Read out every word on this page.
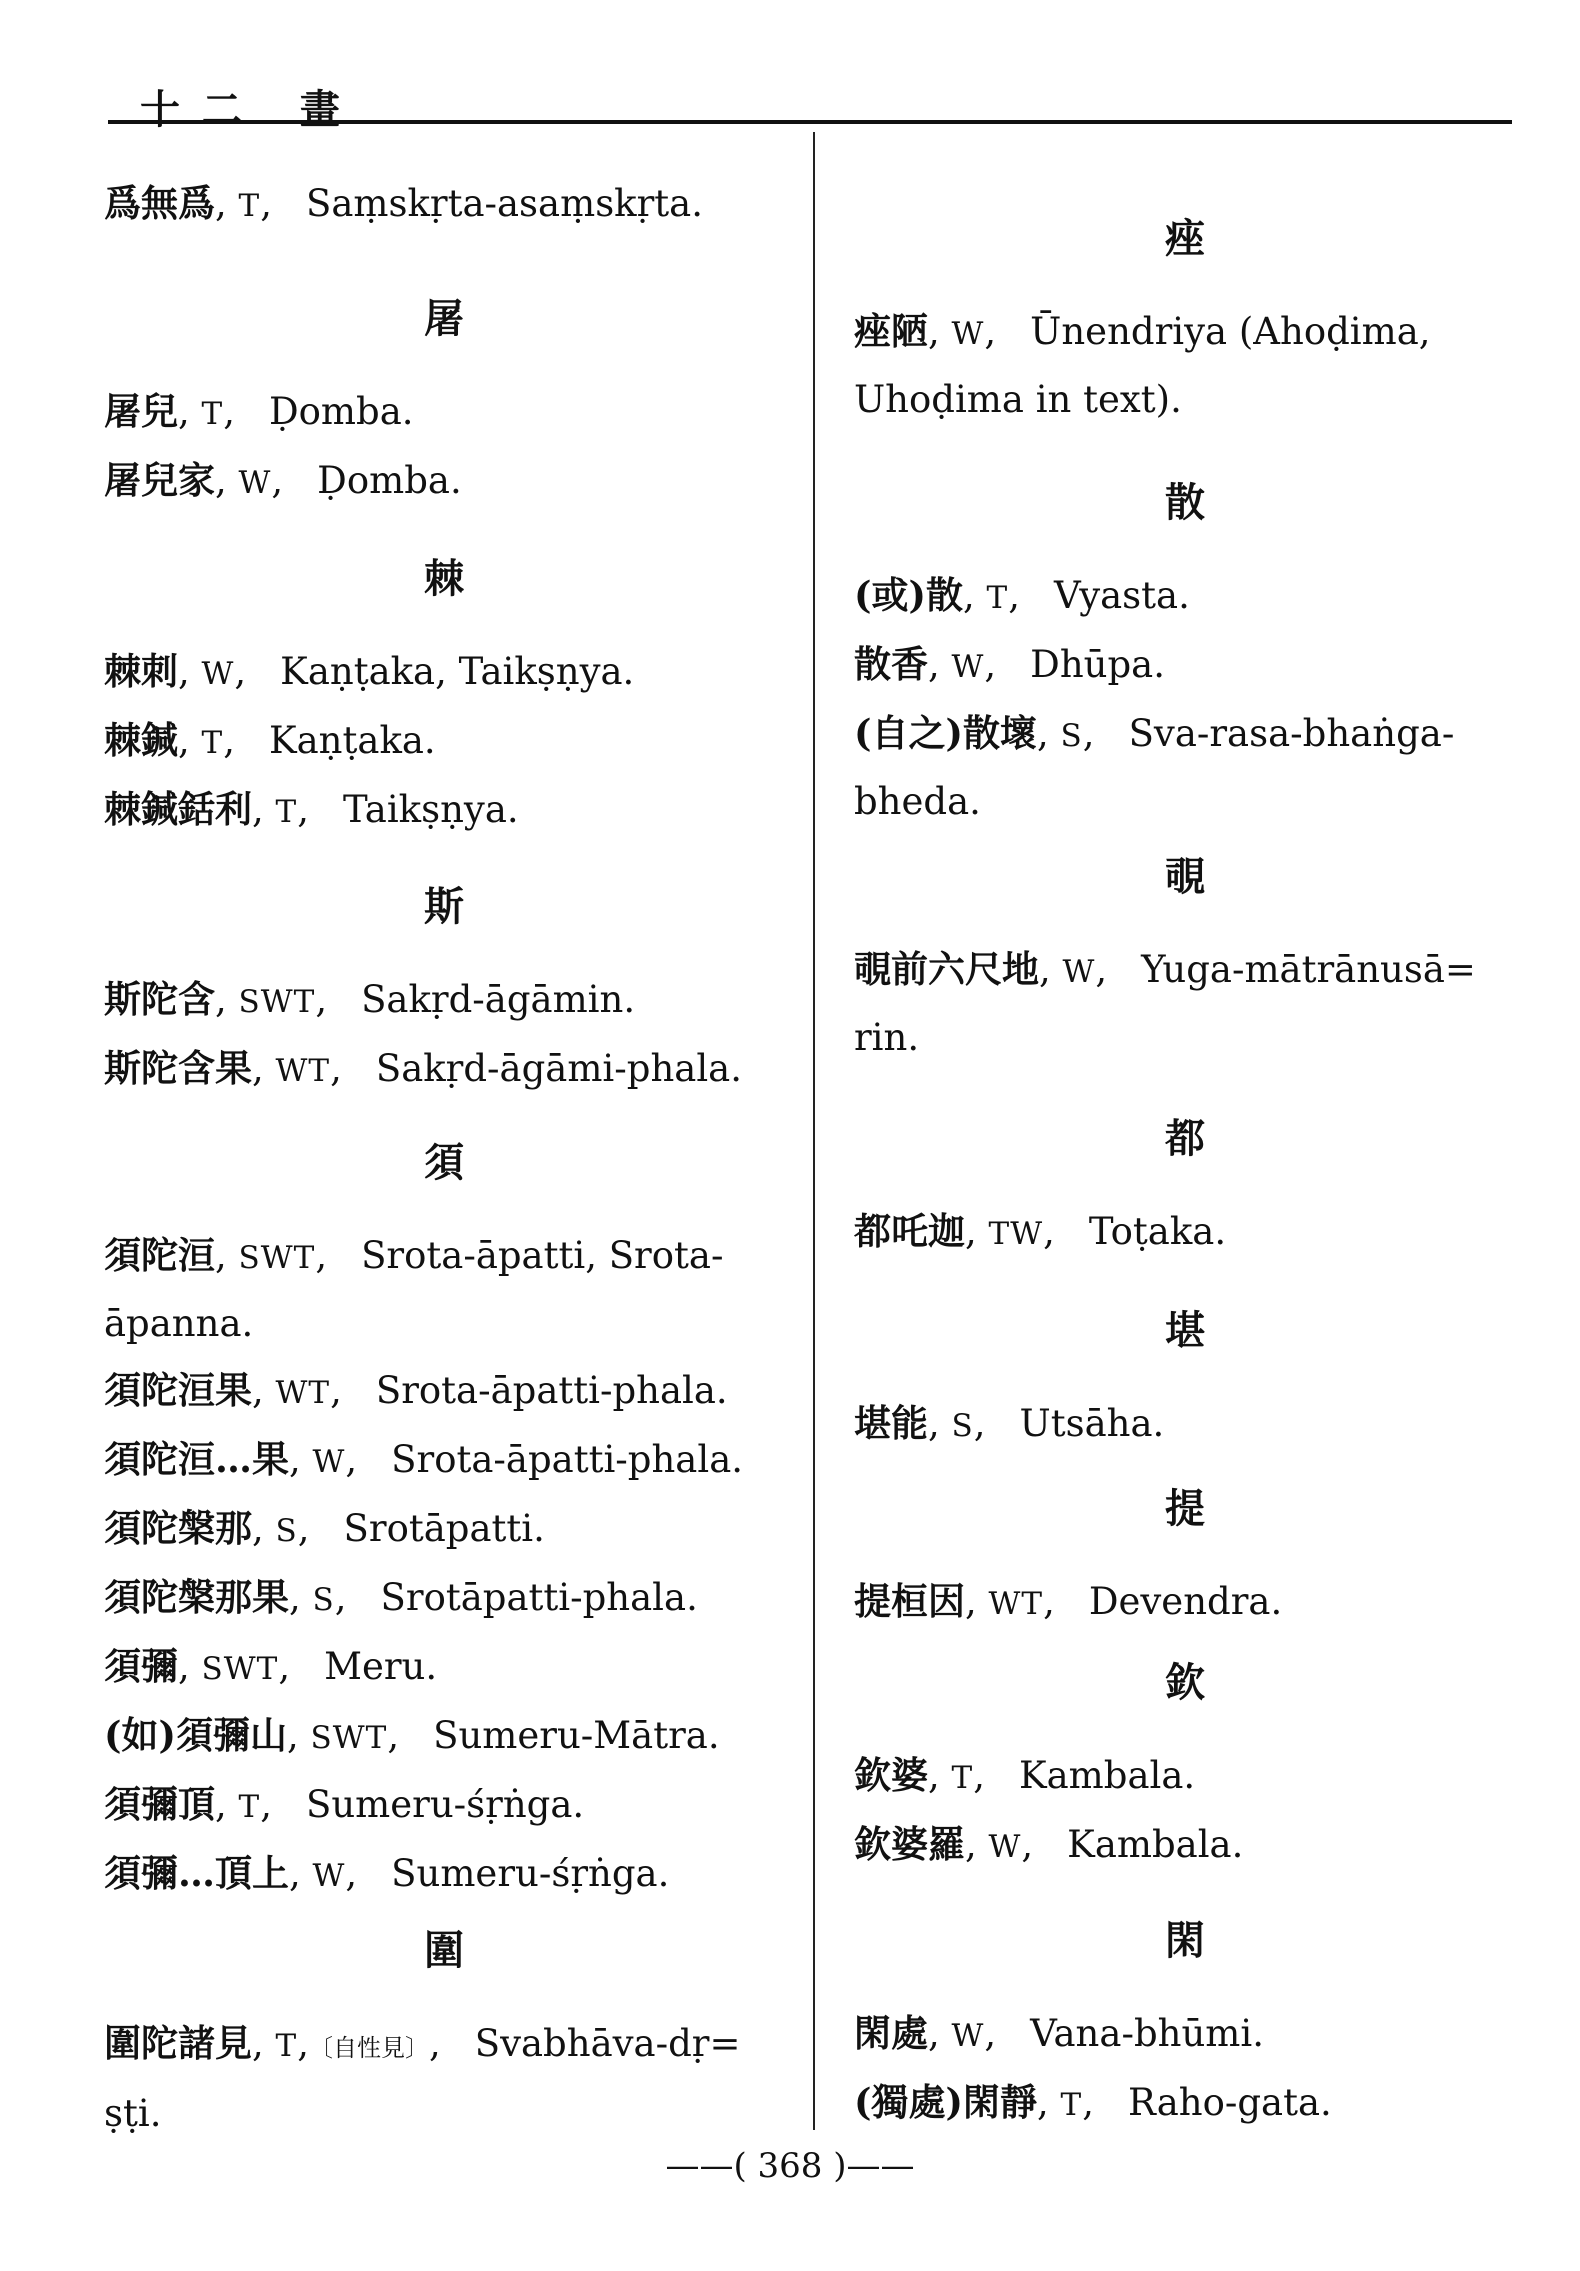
十二 畫
爲無爲, T, Saṃskṛta-asaṃskṛta.
屠
屠兒, T, Ḍomba.
屠兒家, W, Ḍomba.
棘
棘刺, W, Kaṇṭaka, Taikṣṇya.
棘鍼, T, Kaṇṭaka.
棘鍼銛利, T, Taikṣṇya.
斯
斯陀含, SWT, Sakṛd-āgāmin.
斯陀含果, WT, Sakṛd-āgāmi-phala.
須
須陀洹, SWT, Srota-āpatti, Srota-
āpanna.
須陀洹果, WT, Srota-āpatti-phala.
須陀洹…果, W, Srota-āpatti-phala.
須陀槃那, S, Srotāpatti.
須陀槃那果, S, Srotāpatti-phala.
須彌, SWT, Meru.
(如)須彌山, SWT, Sumeru-Mātra.
須彌頂, T, Sumeru-śṛṅga.
須彌…頂上, W, Sumeru-śṛṅga.
圍
圍陀諸見, T,〔自性見〕, Svabhāva-dṛ=
ṣṭi.
痤
痤陋, W, Ūnendriya (Ahoḍima,
Uhoḍima in text).
散
(或)散, T, Vyasta.
散香, W, Dhūpa.
(自之)散壞, S, Sva-rasa-bhaṅga-
bheda.
覗
覗前六尺地, W, Yuga-mātrānusā=
rin.
都
都吒迦, TW, Toṭaka.
堪
堪能, S, Utsāha.
提
提桓因, WT, Devendra.
欽
欽婆, T, Kambala.
欽婆羅, W, Kambala.
閑
閑處, W, Vana-bhūmi.
(獨處)閑靜, T, Raho-gata.
——( 368 )——
